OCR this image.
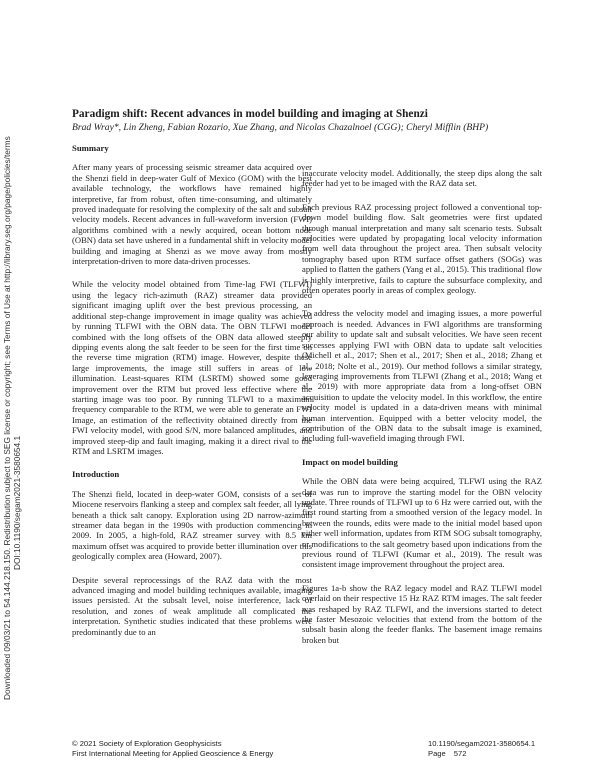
Downloaded 09/03/21 to 54.144.218.150. Redistribution subject to SEG license or copyright; see Terms of Use at http://library.seg.org/page/policies/terms DOI:10.1190/segam2021-3580654.1
Paradigm shift: Recent advances in model building and imaging at Shenzi

Brad Wray*, Lin Zheng, Fabian Rozario, Xue Zhang, and Nicolas Chazalnoel (CGG); Cheryl Mifflin (BHP)

Summary

After many years of processing seismic streamer data acquired over the Shenzi field in deep-water Gulf of Mexico (GOM) with the best available technology, the workflows have remained highly interpretive, far from robust, often time-consuming, and ultimately proved inadequate for resolving the complexity of the salt and subsalt velocity models. Recent advances in full-waveform inversion (FWI) algorithms combined with a newly acquired, ocean bottom node (OBN) data set have ushered in a fundamental shift in velocity model building and imaging at Shenzi as we move away from mostly interpretation-driven to more data-driven processes.

While the velocity model obtained from Time-lag FWI (TLFWI) using the legacy rich-azimuth (RAZ) streamer data provided significant imaging uplift over the best previous processing, an additional step-change improvement in image quality was achieved by running TLFWI with the OBN data. The OBN TLFWI model combined with the long offsets of the OBN data allowed steeply dipping events along the salt feeder to be seen for the first time on the reverse time migration (RTM) image. However, despite these large improvements, the image still suffers in areas of low illumination. Least-squares RTM (LSRTM) showed some good improvement over the RTM but proved less effective where the starting image was too poor. By running TLFWI to a maximum frequency comparable to the RTM, we were able to generate an FWI Image, an estimation of the reflectivity obtained directly from the FWI velocity model, with good S/N, more balanced amplitudes, and improved steep-dip and fault imaging, making it a direct rival to the RTM and LSRTM images.

Introduction

The Shenzi field, located in deep-water GOM, consists of a set of Miocene reservoirs flanking a steep and complex salt feeder, all lying beneath a thick salt canopy. Exploration using 2D narrow-azimuth streamer data began in the 1990s with production commencing in 2009. In 2005, a high-fold, RAZ streamer survey with 8.5 km maximum offset was acquired to provide better illumination over this geologically complex area (Howard, 2007).

Despite several reprocessings of the RAZ data with the most advanced imaging and model building techniques available, imaging issues persisted. At the subsalt level, noise interference, lack of resolution, and zones of weak amplitude all complicated the interpretation. Synthetic studies indicated that these problems were predominantly due to an

inaccurate velocity model. Additionally, the steep dips along the salt feeder had yet to be imaged with the RAZ data set.

Each previous RAZ processing project followed a conventional top-down model building flow. Salt geometries were first updated through manual interpretation and many salt scenario tests. Subsalt velocities were updated by propagating local velocity information from well data throughout the project area. Then subsalt velocity tomography based upon RTM surface offset gathers (SOGs) was applied to flatten the gathers (Yang et al., 2015). This traditional flow is highly interpretive, fails to capture the subsurface complexity, and often operates poorly in areas of complex geology.

To address the velocity model and imaging issues, a more powerful approach is needed. Advances in FWI algorithms are transforming our ability to update salt and subsalt velocities. We have seen recent successes applying FWI with OBN data to update salt velocities (Michell et al., 2017; Shen et al., 2017; Shen et al., 2018; Zhang et al., 2018; Nolte et al., 2019). Our method follows a similar strategy, leveraging improvements from TLFWI (Zhang et al., 2018; Wang et al., 2019) with more appropriate data from a long-offset OBN acquisition to update the velocity model. In this workflow, the entire velocity model is updated in a data-driven means with minimal human intervention. Equipped with a better velocity model, the contribution of the OBN data to the subsalt image is examined, including full-wavefield imaging through FWI.

Impact on model building

While the OBN data were being acquired, TLFWI using the RAZ data was run to improve the starting model for the OBN velocity update. Three rounds of TLFWI up to 6 Hz were carried out, with the first round starting from a smoothed version of the legacy model. In between the rounds, edits were made to the initial model based upon either well information, updates from RTM SOG subsalt tomography, or modifications to the salt geometry based upon indications from the previous round of TLFWI (Kumar et al., 2019). The result was consistent image improvement throughout the project area.

Figures 1a-b show the RAZ legacy model and RAZ TLFWI model overlaid on their respective 15 Hz RAZ RTM images. The salt feeder was reshaped by RAZ TLFWI, and the inversions started to detect the faster Mesozoic velocities that extend from the bottom of the subsalt basin along the feeder flanks. The basement image remains broken but

© 2021 Society of Exploration Geophysicists
First International Meeting for Applied Geoscience & Energy
10.1190/segam2021-3580654.1
Page 572
